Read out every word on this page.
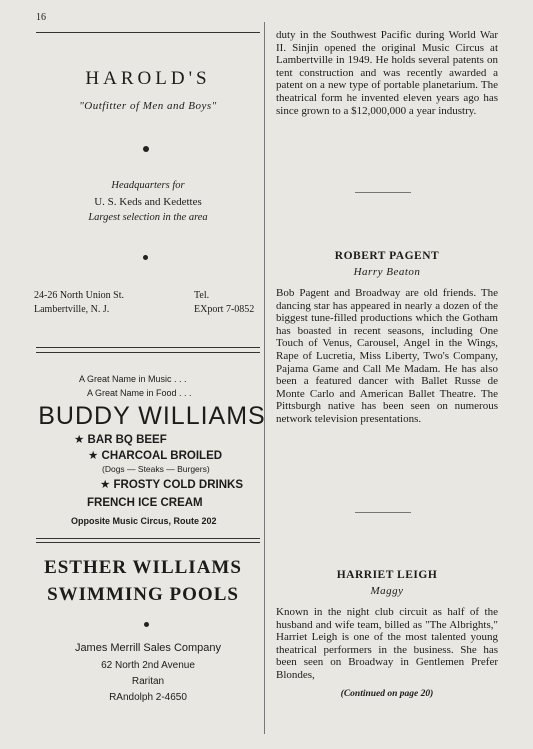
16
HAROLD'S
"Outfitter of Men and Boys"
Headquarters for
U. S. Keds and Kedettes
Largest selection in the area
24-26 North Union St.
Lambertville, N. J.
Tel.
EXport 7-0852
A Great Name in Music . . .
A Great Name in Food . . .
BUDDY WILLIAMS
★ BAR BQ BEEF
★ CHARCOAL BROILED
(Dogs — Steaks — Burgers)
★ FROSTY COLD DRINKS
FRENCH ICE CREAM
Opposite Music Circus, Route 202
ESTHER WILLIAMS
SWIMMING POOLS
James Merrill Sales Company
62 North 2nd Avenue
Raritan
RAndolph 2-4650

duty in the Southwest Pacific during World War II. Sinjin opened the original Music Circus at Lambertville in 1949. He holds several patents on tent construction and was recently awarded a patent on a new type of portable planetarium. The theatrical form he invented eleven years ago has since grown to a $12,000,000 a year industry.

ROBERT PAGENT
Harry Beaton

Bob Pagent and Broadway are old friends. The dancing star has appeared in nearly a dozen of the biggest tune-filled productions which the Gotham has boasted in recent seasons, including One Touch of Venus, Carousel, Angel in the Wings, Rape of Lucretia, Miss Liberty, Two's Company, Pajama Game and Call Me Madam. He has also been a featured dancer with Ballet Russe de Monte Carlo and American Ballet Theatre. The Pittsburgh native has been seen on numerous network television presentations.

HARRIET LEIGH
Maggy

Known in the night club circuit as half of the husband and wife team, billed as "The Albrights," Harriet Leigh is one of the most talented young theatrical performers in the business. She has been seen on Broadway in Gentlemen Prefer Blondes,

(Continued on page 20)
